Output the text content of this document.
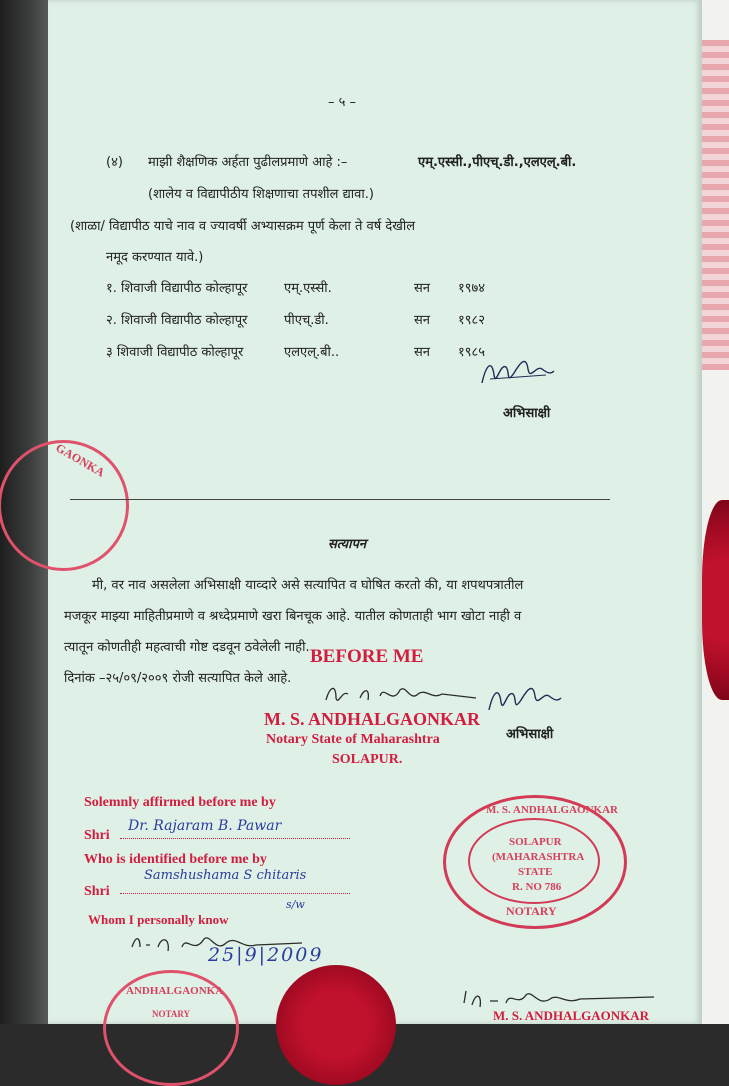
– ५ –
(४) माझी शैक्षणिक अर्हता पुढीलप्रमाणे आहे :–	एम्.एस्सी.,पीएच्.डी.,एलएल्.बी.
(शालेय व विद्यापीठीय शिक्षणाचा तपशील द्यावा.)
(शाळा/ विद्यापीठ याचे नाव व ज्यावर्षी अभ्यासक्रम पूर्ण केला ते वर्ष देखील
नमूद करण्यात यावे.)
१. शिवाजी विद्यापीठ कोल्हापूर	एम्.एस्सी.	सन १९७४
२. शिवाजी विद्यापीठ कोल्हापूर	पीएच्.डी.	सन १९८२
३ शिवाजी विद्यापीठ कोल्हापूर	एलएल्.बी..	सन १९८५
अभिसाक्षी
GAONKA
सत्यापन
मी, वर नाव असलेला अभिसाक्षी याव्दारे असे सत्यापित व घोषित करतो की, या शपथपत्रातील
मजकूर माझ्या माहितीप्रमाणे व श्रध्देप्रमाणे खरा बिनचूक आहे. यातील कोणताही भाग खोटा नाही व
त्यातून कोणतीही महत्वाची गोष्ट दडवून ठवेलेली नाही.
दिनांक –२५/०९/२००९ रोजी सत्यापित केले आहे.
BEFORE ME
M. S. ANDHALGAONKAR
Notary State of Maharashtra
SOLAPUR.
अभिसाक्षी
Solemnly affirmed before me by
Shri
Dr. Rajaram B. Pawar
Who is identified before me by
Shri
Samshushama S chitaris
Whom I personally know
s/w
25|9|2009
M. S. ANDHALGAONKAR
SOLAPUR
(MAHARASHTRA
STATE
R. NO 786
NOTARY
ANDHALGAONKA
NOTARY	M. S. ANDHALGAONKAR
